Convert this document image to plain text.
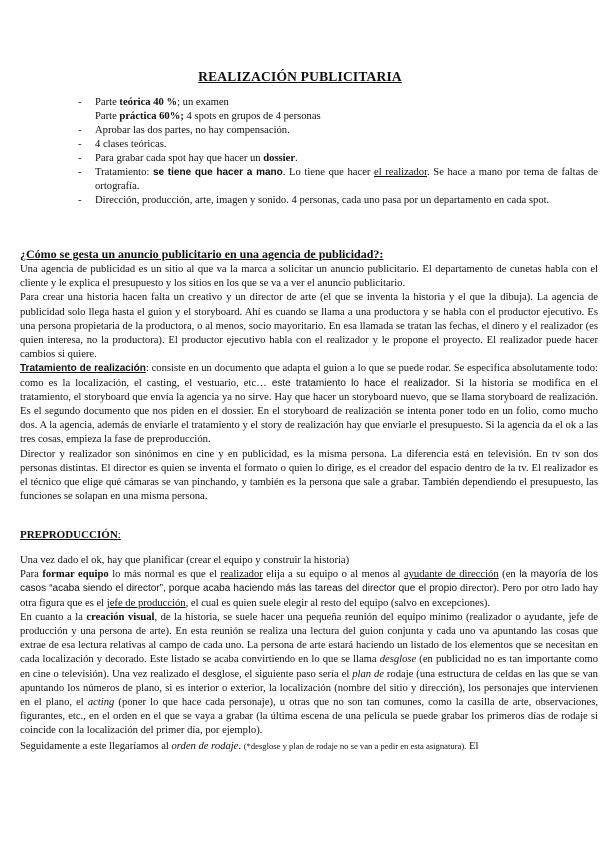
REALIZACIÓN PUBLICITARIA
- Parte teórica 40 %; un examen
Parte práctica 60%; 4 spots en grupos de 4 personas
- Aprobar las dos partes, no hay compensación.
- 4 clases teóricas.
- Para grabar cada spot hay que hacer un dossier.
- Tratamiento: se tiene que hacer a mano. Lo tiene que hacer el realizador. Se hace a mano por tema de faltas de ortografía.
- Dirección, producción, arte, imagen y sonido. 4 personas, cada uno pasa por un departamento en cada spot.
¿Cómo se gesta un anuncio publicitario en una agencia de publicidad?:

Una agencia de publicidad es un sitio al que va la marca a solicitar un anuncio publicitario. El departamento de cunetas habla con el cliente y le explica el presupuesto y los sitios en los que se va a ver el anuncio publicitario.

Para crear una historia hacen falta un creativo y un director de arte (el que se inventa la historia y el que la dibuja). La agencia de publicidad solo llega hasta el guion y el storyboard. Ahí es cuando se llama a una productora y se habla con el productor ejecutivo. Es una persona propietaria de la productora, o al menos, socio mayoritario. En esa llamada se tratan las fechas, el dinero y el realizador (es quien interesa, no la productora). El productor ejecutivo habla con el realizador y le propone el proyecto. El realizador puede hacer cambios si quiere.

Tratamiento de realización: consiste en un documento que adapta el guion a lo que se puede rodar. Se especifica absolutamente todo: como es la localización, el casting, el vestuario, etc… este tratamiento lo hace el realizador. Si la historia se modifica en el tratamiento, el storyboard que envía la agencia ya no sirve. Hay que hacer un storyboard nuevo, que se llama storyboard de realización. Es el segundo documento que nos piden en el dossier. En el storyboard de realización se intenta poner todo en un folio, como mucho dos. A la agencia, además de enviarle el tratamiento y el story de realización hay que enviarle el presupuesto. Si la agencia da el ok a las tres cosas, empieza la fase de preproducción.

Director y realizador son sinónimos en cine y en publicidad, es la misma persona. La diferencia está en televisión. En tv son dos personas distintas. El director es quien se inventa el formato o quien lo dirige, es el creador del espacio dentro de la tv. El realizador es el técnico que elige qué cámaras se van pinchando, y también es la persona que sale a grabar. También dependiendo el presupuesto, las funciones se solapan en una misma persona.

PREPRODUCCIÓN:

Una vez dado el ok, hay que planificar (crear el equipo y construir la historia)

Para formar equipo lo más normal es que el realizador elija a su equipo o al menos al ayudante de dirección (en la mayoría de los casos “acaba siendo el director”, porque acaba haciendo más las tareas del director que el propio director). Pero por otro lado hay otra figura que es el jefe de producción, el cual es quien suele elegir al resto del equipo (salvo en excepciones).

En cuanto a la creación visual, de la historia, se suele hacer una pequeña reunión del equipo mínimo (realizador o ayudante, jefe de producción y una persona de arte). En esta reunión se realiza una lectura del guion conjunta y cada uno va apuntando las cosas que extrae de esa lectura relativas al campo de cada uno. La persona de arte estará haciendo un listado de los elementos que se necesitan en cada localización y decorado. Este listado se acaba convirtiendo en lo que se llama desglose (en publicidad no es tan importante como en cine o televisión). Una vez realizado el desglose, el siguiente paso sería el plan de rodaje (una estructura de celdas en las que se van apuntando los números de plano, si es interior o exterior, la localización (nombre del sitio y dirección), los personajes que intervienen en el plano, el acting (poner lo que hace cada personaje), u otras que no son tan comunes, como la casilla de arte, observaciones, figurantes, etc., en el orden en el que se vaya a grabar (la última escena de una película se puede grabar los primeros días de rodaje si coincide con la localización del primer día, por ejemplo).

Seguidamente a este llegaríamos al orden de rodaje. (*desglose y plan de rodaje no se van a pedir en esta asignatura). El
